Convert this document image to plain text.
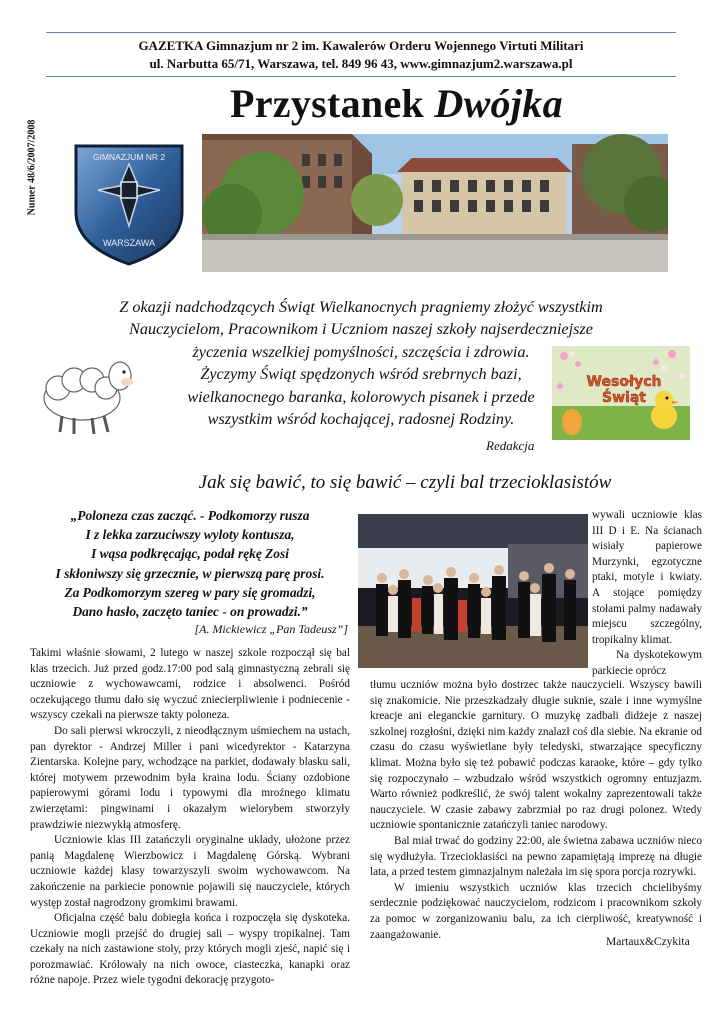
GAZETKA Gimnazjum nr 2 im. Kawalerów Orderu Wojennego Virtuti Militari
ul. Narbutta 65/71, Warszawa, tel. 849 96 43, www.gimnazjum2.warszawa.pl
Numer 48/6/2007/2008	GIMNAZJUM NR 2
WARSZAWA
Przystanek Dwójka
Z okazji nadchodzących Świąt Wielkanocnych pragniemy złożyć wszystkim
Nauczycielom, Pracownikom i Uczniom naszej szkoły najserdeczniejsze
życzenia wszelkiej pomyślności, szczęścia i zdrowia.
Życzymy Świąt spędzonych wśród srebrnych bazi,
wielkanocnego baranka, kolorowych pisanek i przede
wszystkim wśród kochającej, radosnej Rodziny.
Redakcja
Wesołych
Świąt
Jak się bawić, to się bawić – czyli bal trzecioklasistów
„Poloneza czas zacząć. - Podkomorzy rusza
I z lekka zarzuciwszy wyloty kontusza,
I wąsa podkręcając, podał rękę Zosi
I skłoniwszy się grzecznie, w pierwszą parę prosi.
Za Podkomorzym szereg w pary się gromadzi,
Dano hasło, zaczęto taniec - on prowadzi.”
[A. Mickiewicz „Pan Tadeusz”]

Takimi właśnie słowami, 2 lutego w naszej szkole rozpoczął się bal klas trzecich. Już przed godz.17:00 pod salą gimnastyczną zebrali się uczniowie z wychowawcami, rodzice i absolwenci. Pośród oczekującego tłumu dało się wyczuć zniecierpliwienie i podniecenie - wszyscy czekali na pierwsze takty poloneza.

Do sali pierwsi wkroczyli, z nieodłącznym uśmiechem na ustach, pan dyrektor - Andrzej Miller i pani wicedyrektor - Katarzyna Zientarska. Kolejne pary, wchodzące na parkiet, dodawały blasku sali, której motywem przewodnim była kraina lodu. Ściany ozdobione papierowymi górami lodu i typowymi dla mroźnego klimatu zwierzętami: pingwinami i okazałym wielorybem stworzyły prawdziwie niezwykłą atmosferę.

Uczniowie klas III zatańczyli oryginalne układy, ułożone przez panią Magdalenę Wierzbowicz i Magdalenę Górską. Wybrani uczniowie każdej klasy towarzyszyli swoim wychowawcom. Na zakończenie na parkiecie ponownie pojawili się nauczyciele, których występ został nagrodzony gromkimi brawami.

Oficjalna część balu dobiegła końca i rozpoczęła się dyskoteka. Uczniowie mogli przejść do drugiej sali – wyspy tropikalnej. Tam czekały na nich zastawione stoły, przy których mogli zjeść, napić się i porozmawiać. Królowały na nich owoce, ciasteczka, kanapki oraz różne napoje. Przez wiele tygodni dekorację przygoto-

wywali uczniowie klas III D i E. Na ścianach wisiały papierowe Murzynki, egzotyczne ptaki, motyle i kwiaty. A stojące pomiędzy stołami palmy nadawały miejscu szczególny, tropikalny klimat.

Na dyskotekowym parkiecie oprócz

tłumu uczniów można było dostrzec także nauczycieli. Wszyscy bawili się znakomicie. Nie przeszkadzały długie suknie, szale i inne wymyślne kreacje ani eleganckie garnitury. O muzykę zadbali didżeje z naszej szkolnej rozgłośni, dzięki nim każdy znalazł coś dla siebie. Na ekranie od czasu do czasu wyświetlane były teledyski, stwarzające specyficzny klimat. Można było się też pobawić podczas karaoke, które – gdy tylko się rozpoczynało – wzbudzało wśród wszystkich ogromny entuzjazm. Warto również podkreślić, że swój talent wokalny zaprezentowali także nauczyciele. W czasie zabawy zabrzmiał po raz drugi polonez. Wtedy uczniowie spontanicznie zatańczyli taniec narodowy.

Bal miał trwać do godziny 22:00, ale świetna zabawa uczniów nieco się wydłużyła. Trzecioklasiści na pewno zapamiętają imprezę na długie lata, a przed testem gimnazjalnym należała im się spora porcja rozrywki.

W imieniu wszystkich uczniów klas trzecich chcielibyśmy serdecznie podziękować nauczycielom, rodzicom i pracownikom szkoły za pomoc w zorganizowaniu balu, za ich cierpliwość, kreatywność i zaangażowanie.

Martaux&Czykita
